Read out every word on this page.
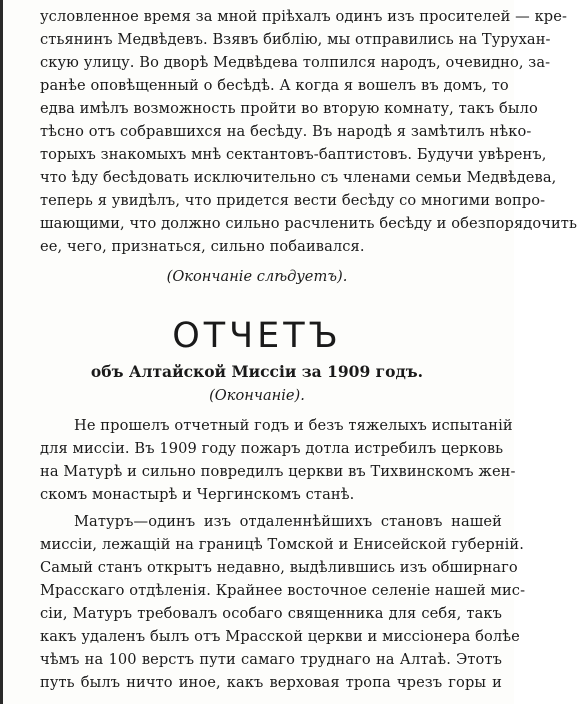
условленное время за мной пріѣхалъ одинъ изъ просителей — кре-
стьянинъ Медвѣдевъ. Взявъ библію, мы отправились на Турухан-
скую улицу. Во дворѣ Медвѣдева толпился народъ, очевидно, за-
ранѣе оповѣщенный о бесѣдѣ. А когда я вошелъ въ домъ, то
едва имѣлъ возможность пройти во вторую комнату, такъ было
тѣсно отъ собравшихся на бесѣду. Въ народѣ я замѣтилъ нѣко-
торыхъ знакомыхъ мнѣ сектантовъ-баптистовъ. Будучи увѣренъ,
что ѣду бесѣдовать исключительно съ членами семьи Медвѣдева,
теперь я увидѣлъ, что придется вести бесѣду со многими вопро-
шающими, что должно сильно расчленить бесѣду и обезпорядочить
ее, чего, признаться, сильно побаивался.
(Окончаніе слѣдуетъ).
ОТЧЕТЪ
объ Алтайской Миссіи за 1909 годъ.
(Окончаніе).
Не прошелъ отчетный годъ и безъ тяжелыхъ испытаній
для миссіи. Въ 1909 году пожаръ дотла истребилъ церковь
на Матурѣ и сильно повредилъ церкви въ Тихвинскомъ жен-
скомъ монастырѣ и Чергинскомъ станѣ.
Матуръ—одинъ изъ отдаленнѣйшихъ становъ нашей
миссіи, лежащій на границѣ Томской и Енисейской губерній.
Самый станъ открытъ недавно, выдѣлившись изъ обширнаго
Мрасскаго отдѣленія. Крайнее восточное селеніе нашей мис-
сіи, Матуръ требовалъ особаго священника для себя, такъ
какъ удаленъ былъ отъ Мрасской церкви и миссіонера болѣе
чѣмъ на 100 верстъ пути самаго труднаго на Алтаѣ. Этотъ
путь былъ ничто иное, какъ верховая тропа чрезъ горы и
